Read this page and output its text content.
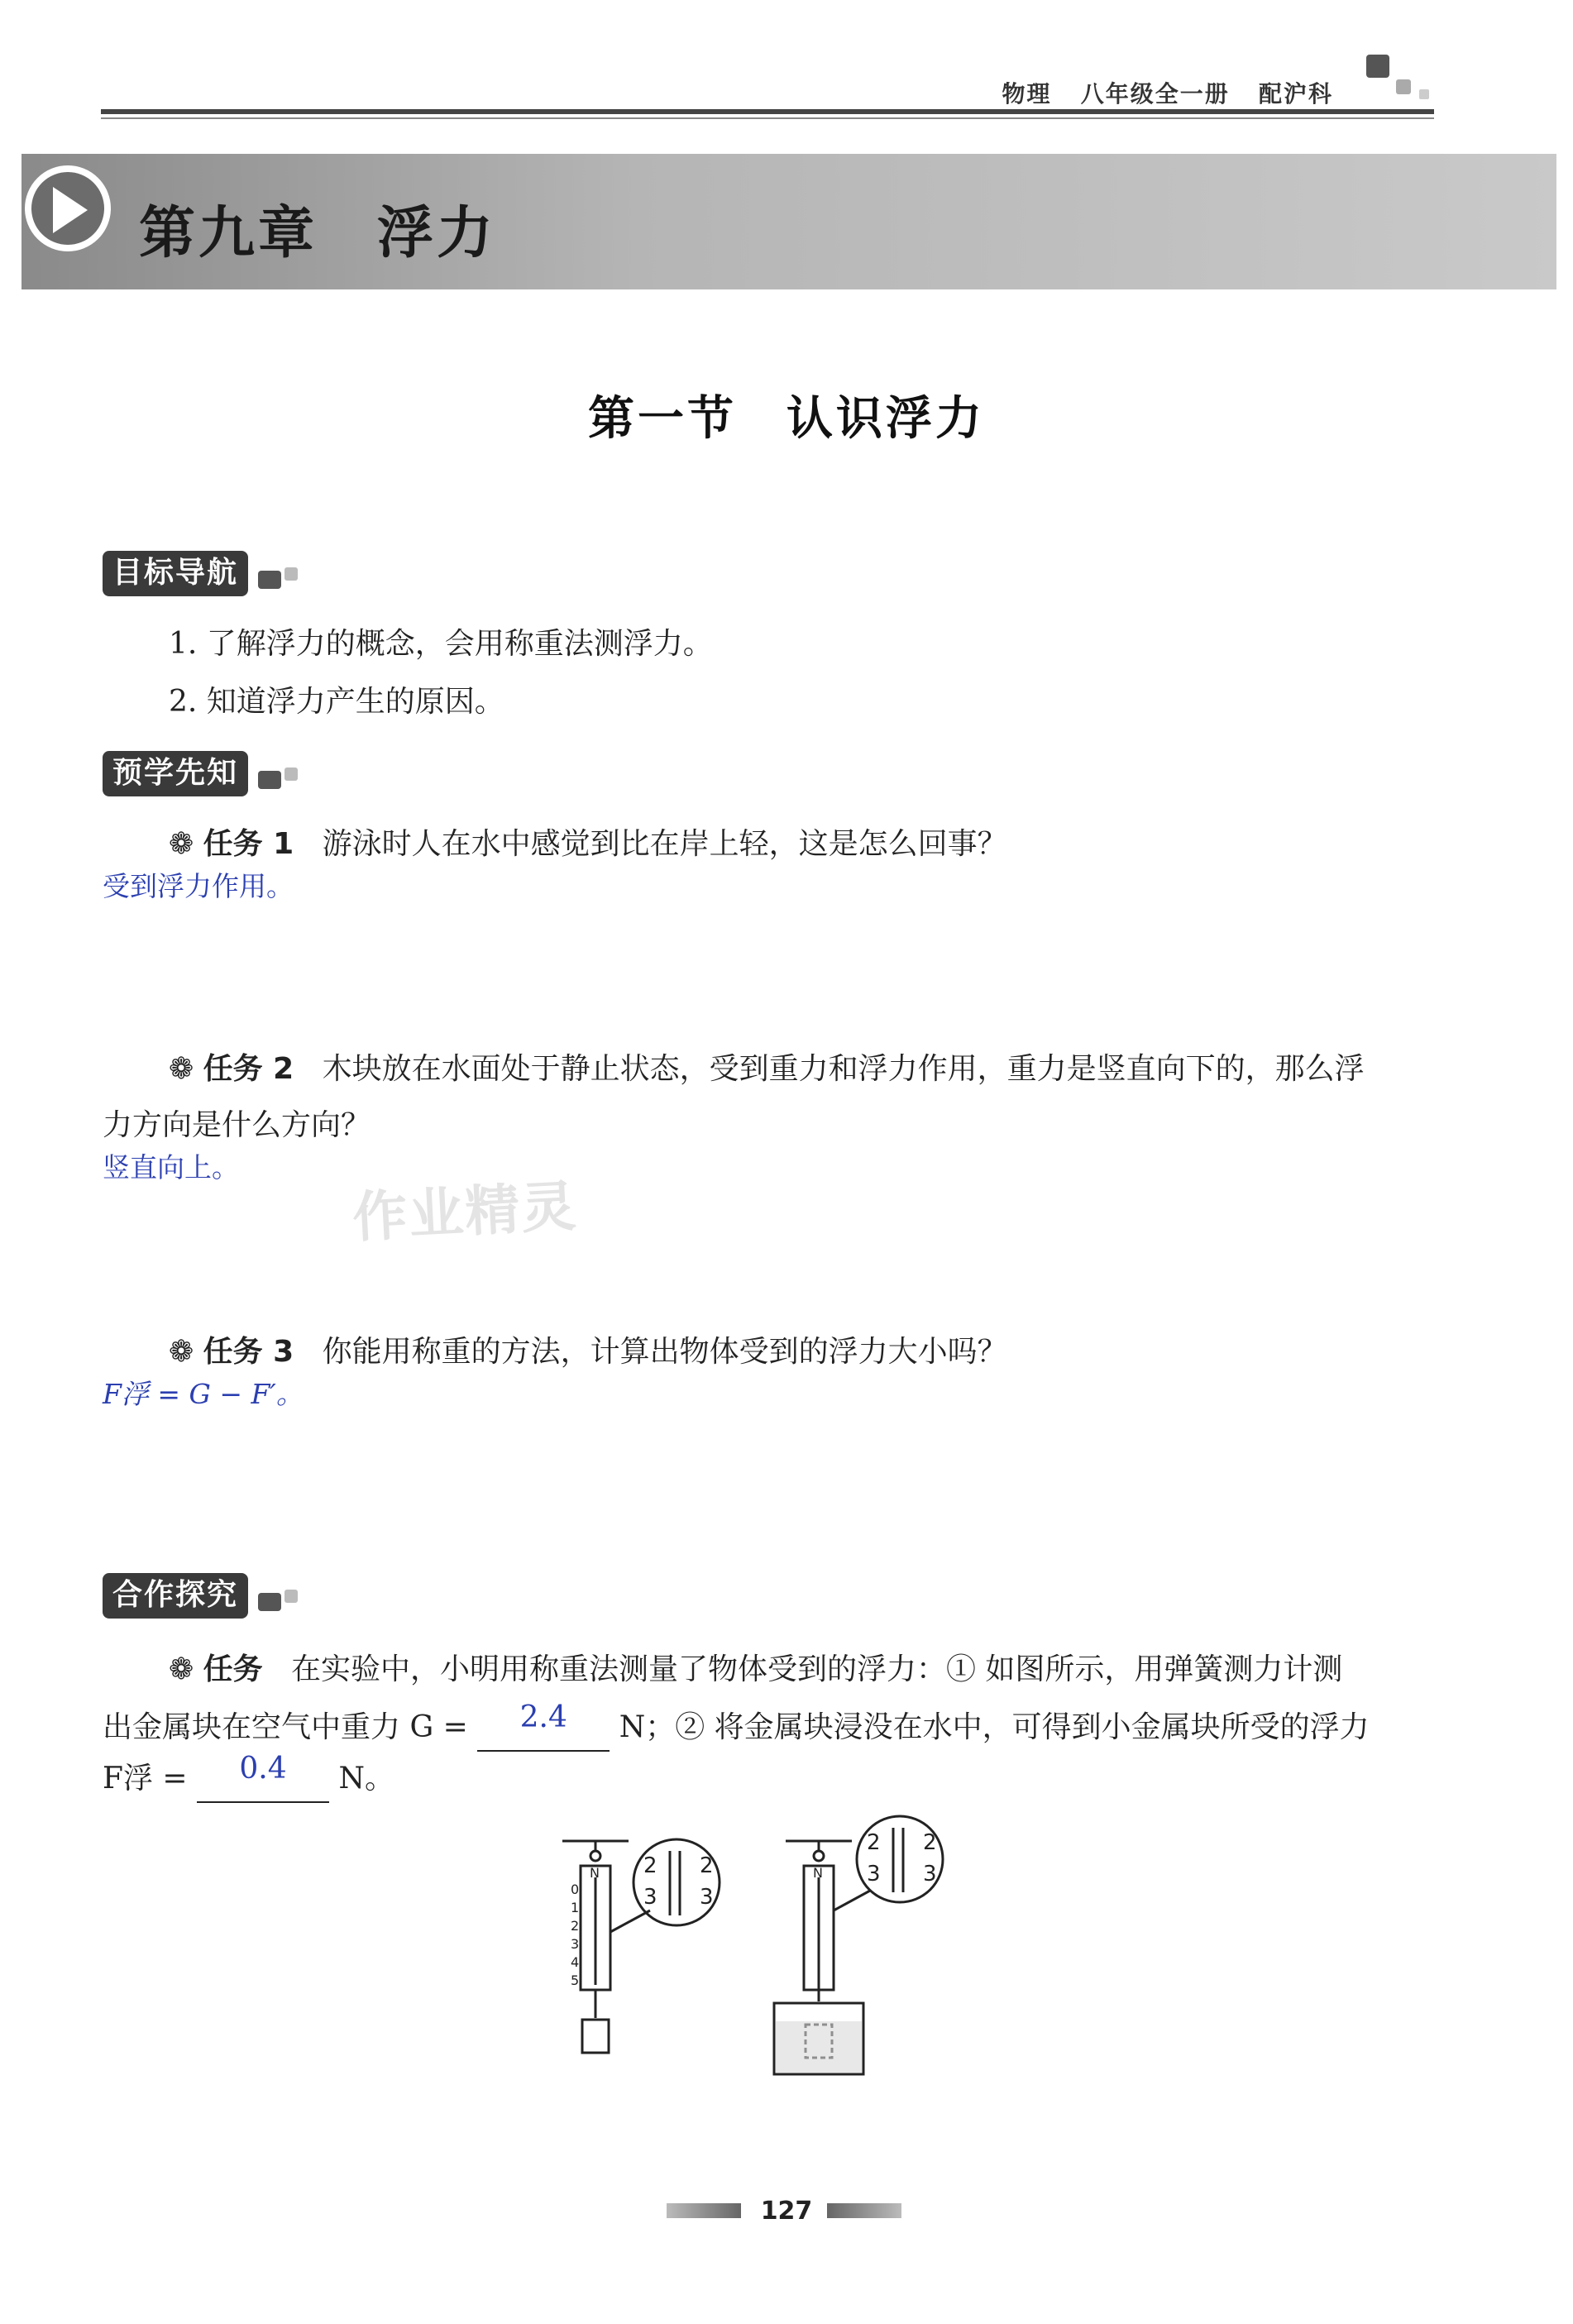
物理 八年级全一册 配沪科
第九章　浮力
第一节　认识浮力
目标导航
1. 了解浮力的概念，会用称重法测浮力。
2. 知道浮力产生的原因。
预学先知
❁ 任务 1 游泳时人在水中感觉到比在岸上轻，这是怎么回事？
受到浮力作用。
❁ 任务 2 木块放在水面处于静止状态，受到重力和浮力作用，重力是竖直向下的，那么浮
力方向是什么方向？
竖直向上。
作业精灵
❁ 任务 3 你能用称重的方法，计算出物体受到的浮力大小吗？
F浮 = G − F′。
合作探究
❁ 任务 在实验中，小明用称重法测量了物体受到的浮力：① 如图所示，用弹簧测力计测
出金属块在空气中重力 G = 2.4 N；② 将金属块浸没在水中，可得到小金属块所受的浮力
F浮 = 0.4 N。
N
0
1
2
3
4
5
N
2 2
3 3
2 2
3 3
127
